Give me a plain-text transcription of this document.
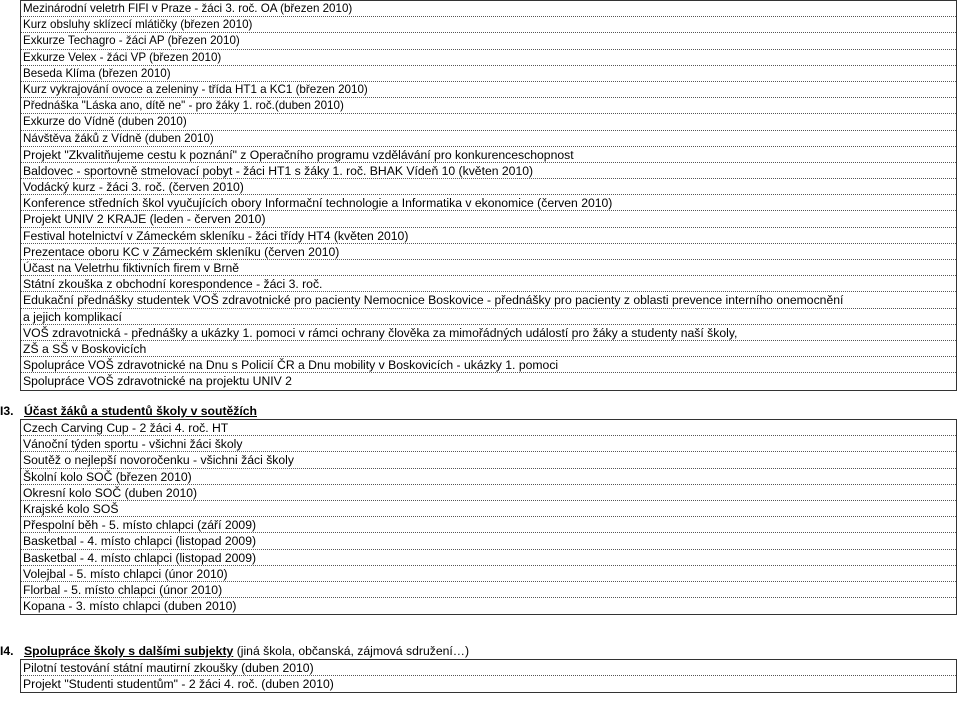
Mezinárodní veletrh FIFI v Praze - žáci 3. roč. OA (březen 2010)
Kurz obsluhy sklízecí mlátičky (březen 2010)
Exkurze Techagro - žáci AP (březen 2010)
Exkurze Velex - žáci VP (březen 2010)
Beseda Klíma (březen 2010)
Kurz vykrajování ovoce a zeleniny - třída HT1 a KC1 (březen 2010)
Přednáška "Láska ano, dítě ne" - pro žáky 1. roč.(duben 2010)
Exkurze do Vídně (duben 2010)
Návštěva žáků z Vídně (duben 2010)
Projekt "Zkvalitňujeme cestu k poznání" z Operačního programu vzdělávání pro konkurenceschopnost
Baldovec - sportovně stmelovací pobyt - žáci HT1 s žáky 1. roč. BHAK Vídeň 10 (květen 2010)
Vodácký kurz - žáci 3. roč. (červen 2010)
Konference středních škol vyučujících obory Informační technologie a Informatika v ekonomice (červen 2010)
Projekt UNIV 2 KRAJE (leden - červen 2010)
Festival hotelnictví v Zámeckém skleníku - žáci třídy HT4 (květen 2010)
Prezentace oboru KC v Zámeckém skleníku (červen 2010)
Účast na Veletrhu fiktivních firem v Brně
Státní zkouška z obchodní korespondence - žáci 3. roč.
Edukační přednášky studentek VOŠ zdravotnické pro pacienty Nemocnice Boskovice - přednášky pro pacienty z oblasti prevence interního onemocnění
a jejich komplikací
VOŠ zdravotnická - přednášky a ukázky 1. pomoci v rámci ochrany člověka za mimořádných událostí pro žáky a studenty naší školy,
ZŠ a SŠ v Boskovicích
Spolupráce VOŠ zdravotnické na Dnu s Policií ČR a Dnu mobility v Boskovicích - ukázky 1. pomoci
Spolupráce VOŠ zdravotnické na projektu UNIV 2
I3. Účast žáků a studentů školy v soutěžích
Czech Carving Cup - 2 žáci 4. roč. HT
Vánoční týden sportu - všichni žáci školy
Soutěž o nejlepší novoročenku - všichni žáci školy
Školní kolo SOČ (březen 2010)
Okresní kolo SOČ (duben 2010)
Krajské kolo SOŠ
Přespolní běh - 5. místo chlapci (září 2009)
Basketbal - 4. místo chlapci (listopad 2009)
Basketbal - 4. místo chlapci (listopad 2009)
Volejbal - 5. místo chlapci (únor 2010)
Florbal - 5. místo chlapci (únor 2010)
Kopana - 3. místo chlapci (duben 2010)
I4. Spolupráce školy s dalšími subjekty (jiná škola, občanská, zájmová sdružení…)
Pilotní testování státní mautirní zkoušky (duben 2010)
Projekt "Studenti studentům" - 2 žáci 4. roč. (duben 2010)
